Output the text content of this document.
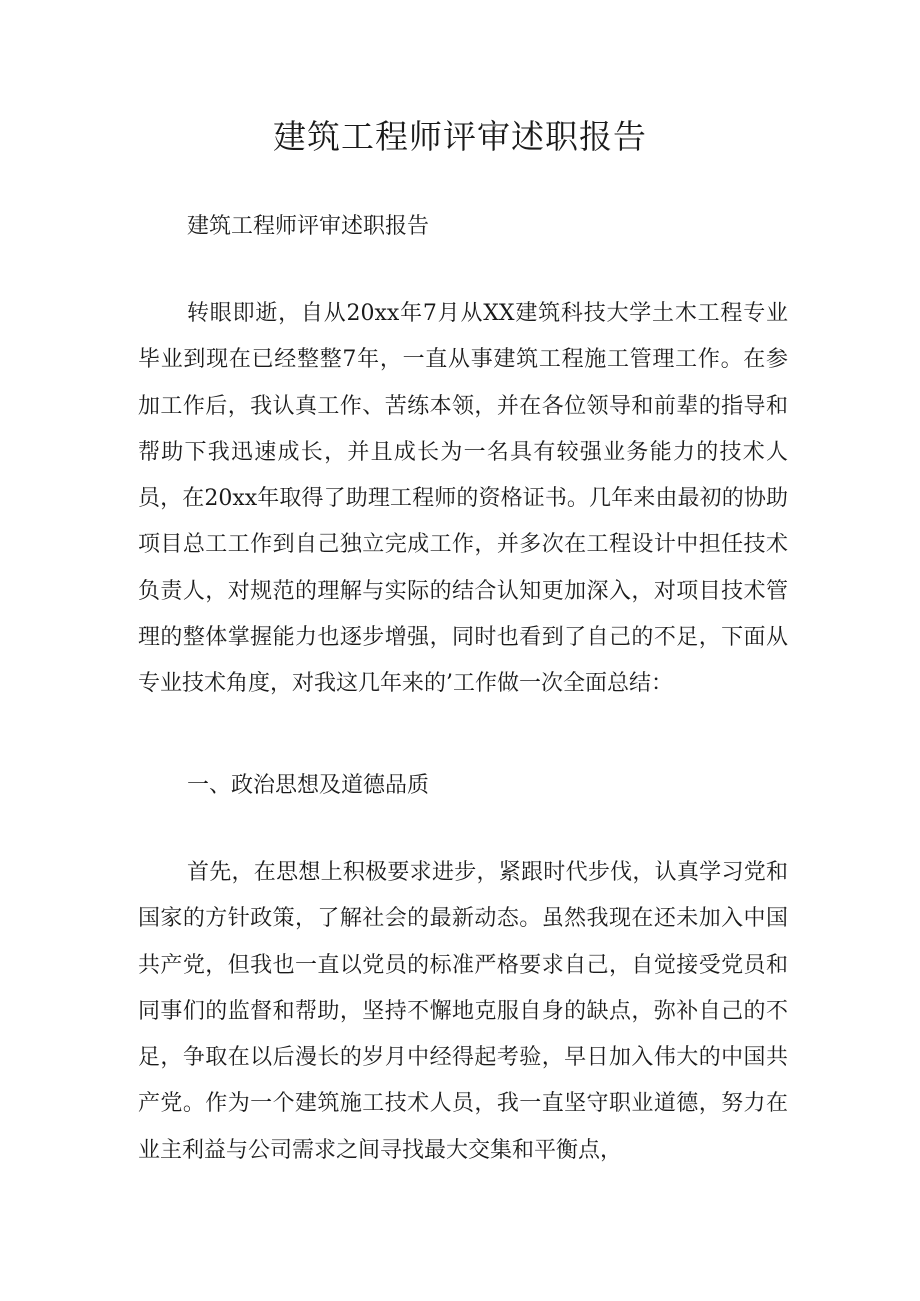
建筑工程师评审述职报告

建筑工程师评审述职报告

转眼即逝，自从20xx年7月从XX建筑科技大学土木工程专业毕业到现在已经整整7年，一直从事建筑工程施工管理工作。在参加工作后，我认真工作、苦练本领，并在各位领导和前辈的指导和帮助下我迅速成长，并且成长为一名具有较强业务能力的技术人员，在20xx年取得了助理工程师的资格证书。几年来由最初的协助项目总工工作到自己独立完成工作，并多次在工程设计中担任技术负责人，对规范的理解与实际的结合认知更加深入，对项目技术管理的整体掌握能力也逐步增强，同时也看到了自己的不足，下面从专业技术角度，对我这几年来的’工作做一次全面总结：

一、政治思想及道德品质

首先，在思想上积极要求进步，紧跟时代步伐，认真学习党和国家的方针政策，了解社会的最新动态。虽然我现在还未加入中国共产党，但我也一直以党员的标准严格要求自己，自觉接受党员和同事们的监督和帮助，坚持不懈地克服自身的缺点，弥补自己的不足，争取在以后漫长的岁月中经得起考验，早日加入伟大的中国共产党。作为一个建筑施工技术人员，我一直坚守职业道德，努力在业主利益与公司需求之间寻找最大交集和平衡点，
